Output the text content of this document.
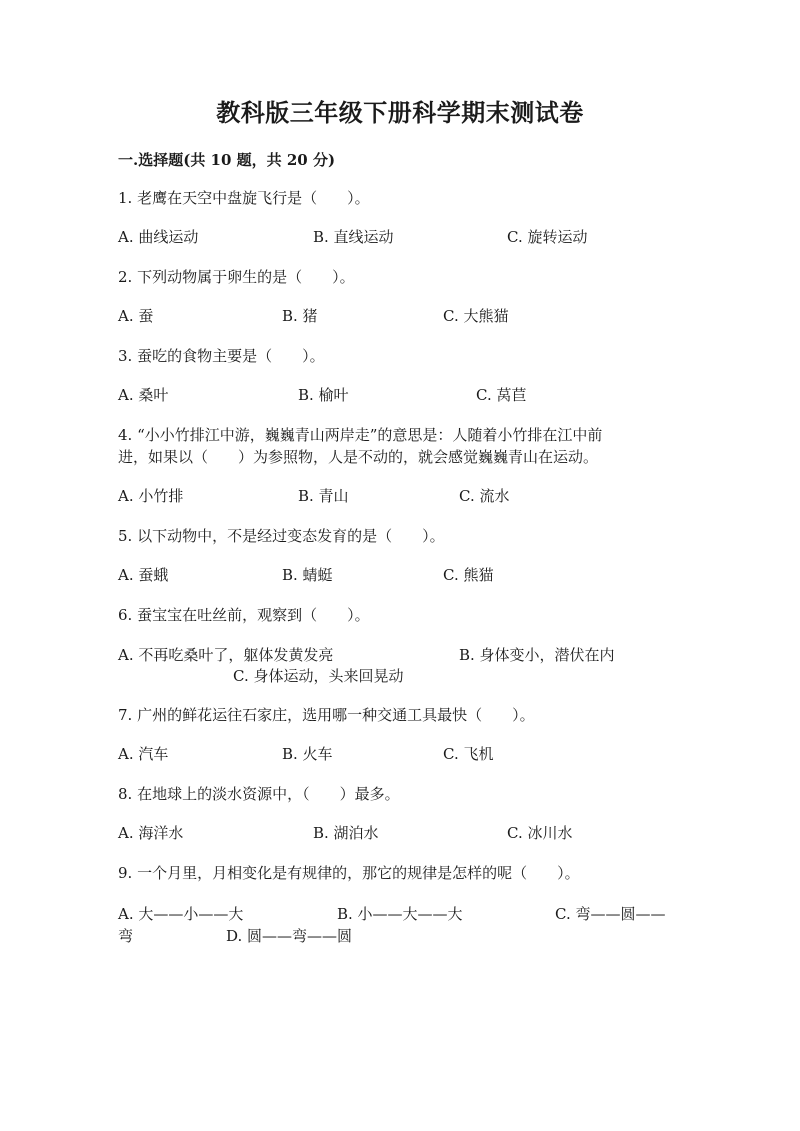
教科版三年级下册科学期末测试卷
一.选择题(共 10 题，共 20 分)
1. 老鹰在天空中盘旋飞行是（　　）。
A. 曲线运动	B. 直线运动	C. 旋转运动
2. 下列动物属于卵生的是（　　）。
A. 蚕	B. 猪	C. 大熊猫
3. 蚕吃的食物主要是（　　）。
A. 桑叶	B. 榆叶	C. 莴苣
4. “小小竹排江中游，巍巍青山两岸走”的意思是：人随着小竹排在江中前
进，如果以（　　）为参照物，人是不动的，就会感觉巍巍青山在运动。
A. 小竹排	B. 青山	C. 流水
5. 以下动物中，不是经过变态发育的是（　　）。
A. 蚕蛾	B. 蜻蜓	C. 熊猫
6. 蚕宝宝在吐丝前，观察到（　　）。
A. 不再吃桑叶了，躯体发黄发亮	B. 身体变小，潜伏在内
C. 身体运动，头来回晃动
7. 广州的鲜花运往石家庄，选用哪一种交通工具最快（　　）。
A. 汽车	B. 火车	C. 飞机
8. 在地球上的淡水资源中，（　　）最多。
A. 海洋水	B. 湖泊水	C. 冰川水
9. 一个月里，月相变化是有规律的，那它的规律是怎样的呢（　　）。
A. 大——小——大	B. 小——大——大	C. 弯——圆——
弯	D. 圆——弯——圆
